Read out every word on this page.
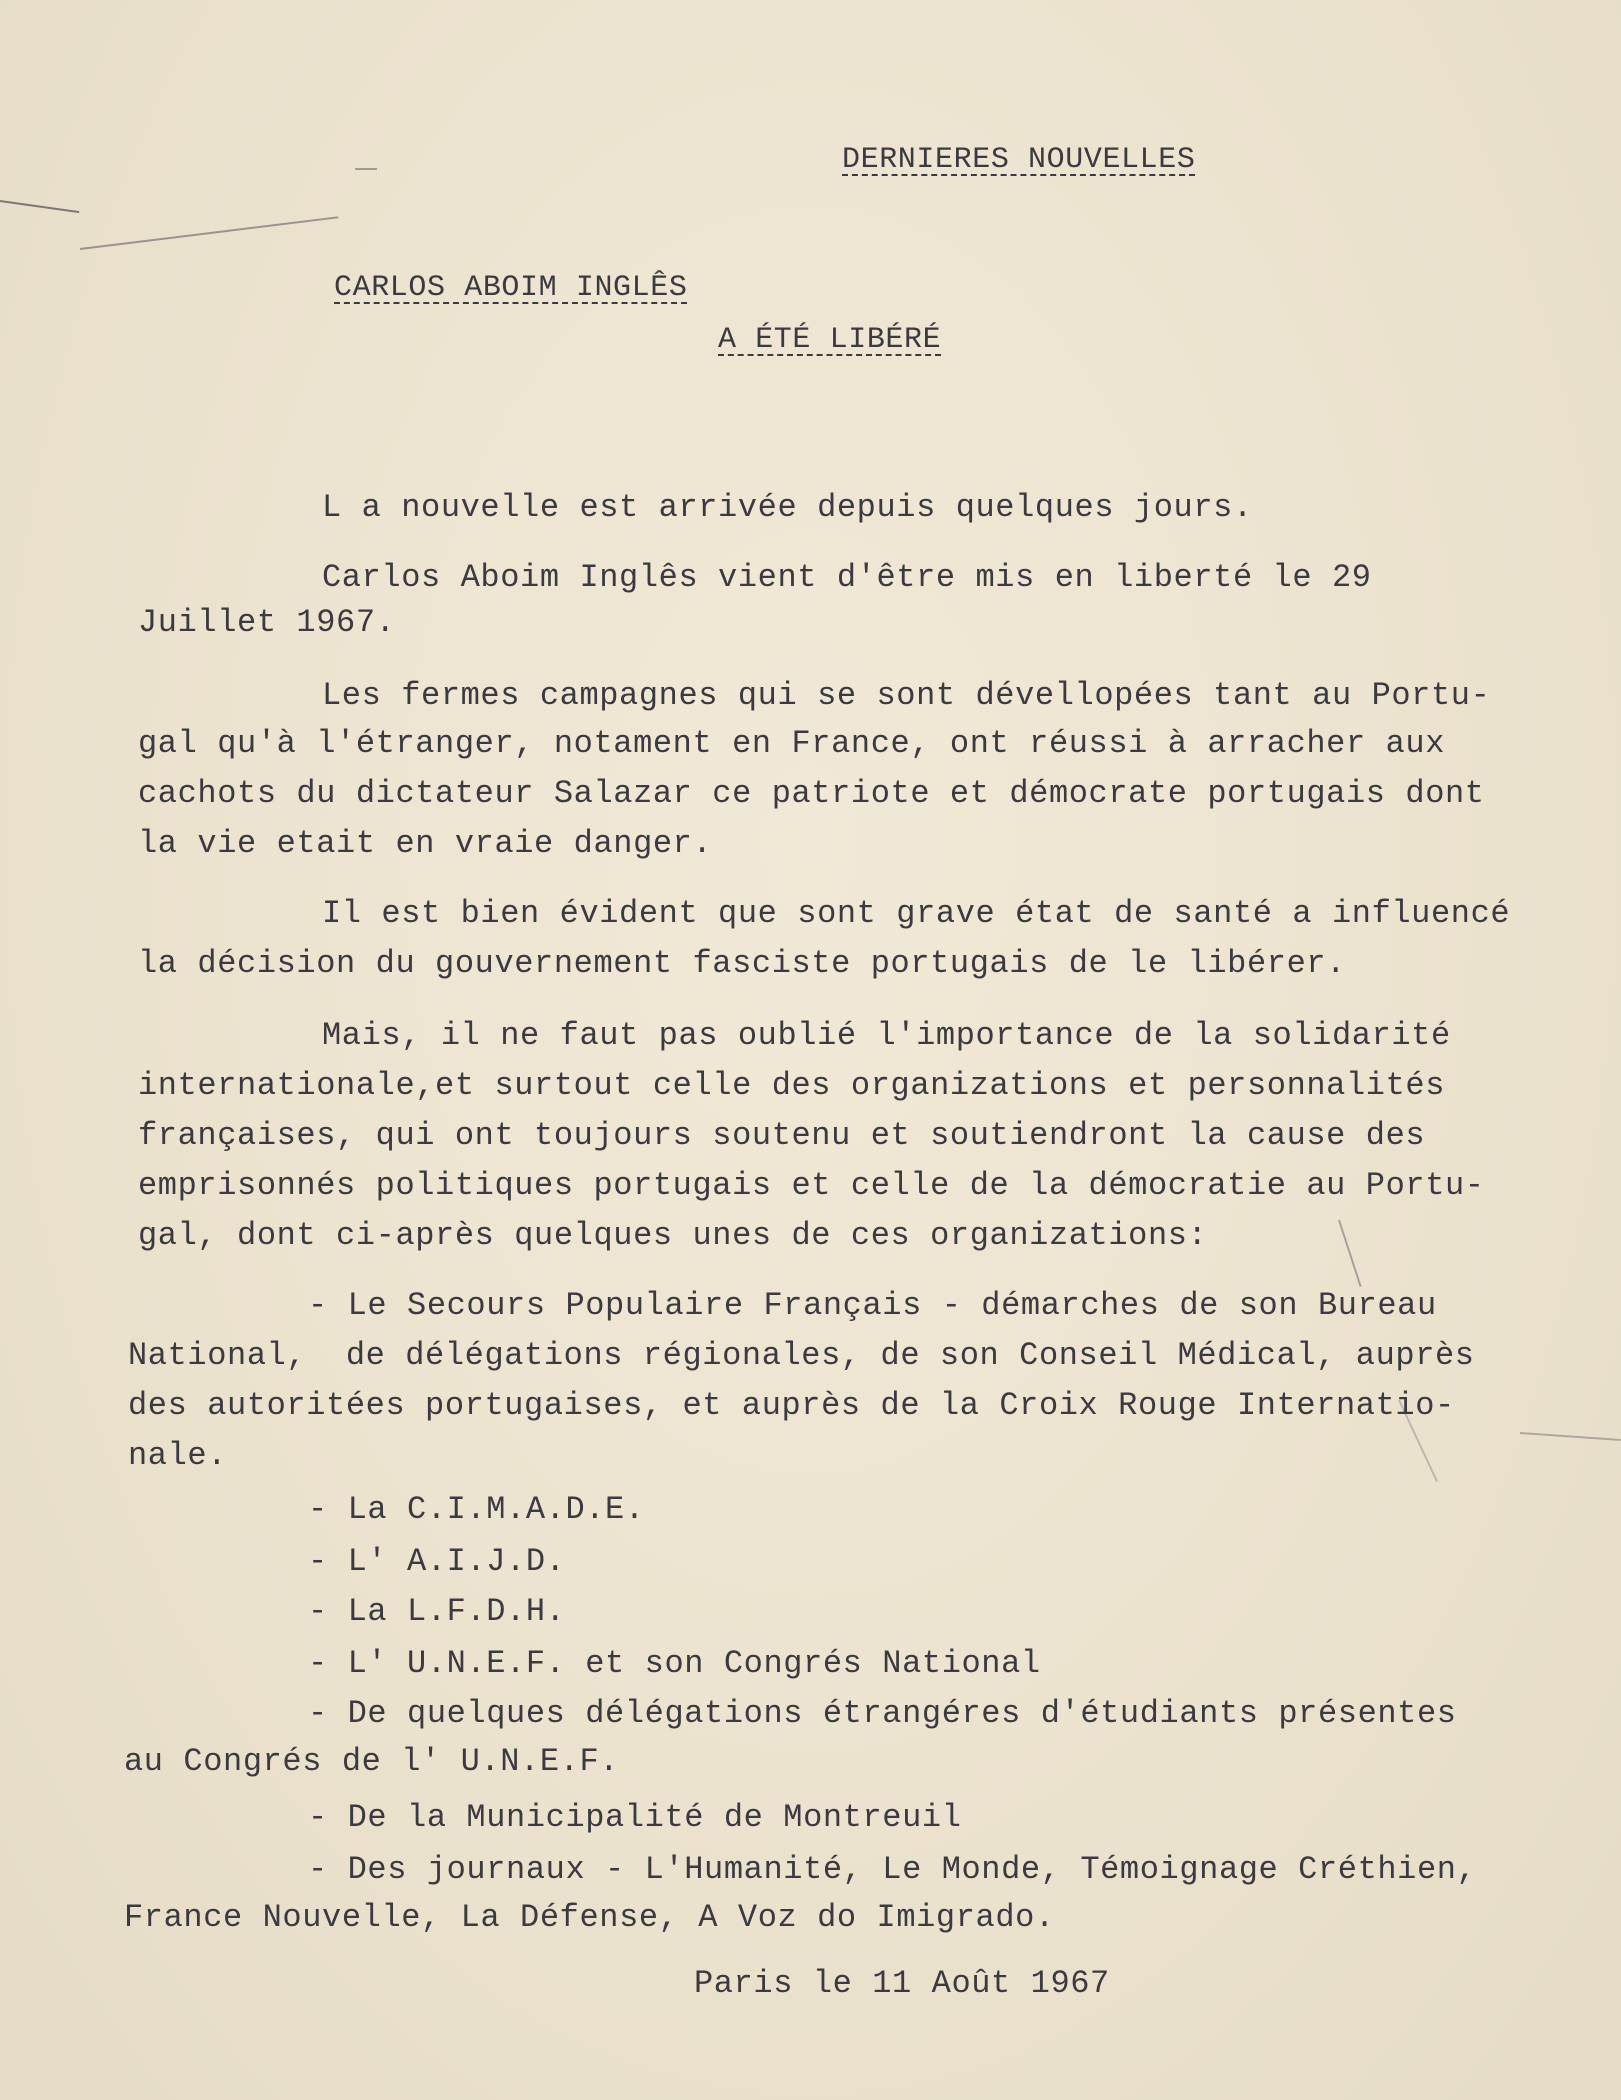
DERNIERES NOUVELLES
CARLOS ABOIM INGLÊS
A ÉTÉ LIBÉRÉ
L a nouvelle est arrivée depuis quelques jours.
Carlos Aboim Inglês vient d'être mis en liberté le 29
Juillet 1967.
Les fermes campagnes qui se sont dévellopées tant au Portu-
gal qu'à l'étranger, notament en France, ont réussi à arracher aux
cachots du dictateur Salazar ce patriote et démocrate portugais dont
la vie etait en vraie danger.
Il est bien évident que sont grave état de santé a influencé
la décision du gouvernement fasciste portugais de le libérer.
Mais, il ne faut pas oublié l'importance de la solidarité
internationale,et surtout celle des organizations et personnalités
françaises, qui ont toujours soutenu et soutiendront la cause des
emprisonnés politiques portugais et celle de la démocratie au Portu-
gal, dont ci-après quelques unes de ces organizations:
- Le Secours Populaire Français - démarches de son Bureau
National,  de délégations régionales, de son Conseil Médical, auprès
des autoritées portugaises, et auprès de la Croix Rouge Internatio-
nale.
- La C.I.M.A.D.E.
- L' A.I.J.D.
- La L.F.D.H.
- L' U.N.E.F. et son Congrés National
- De quelques délégations étrangéres d'étudiants présentes
au Congrés de l' U.N.E.F.
- De la Municipalité de Montreuil
- Des journaux - L'Humanité, Le Monde, Témoignage Créthien,
France Nouvelle, La Défense, A Voz do Imigrado.
Paris le 11 Août 1967
